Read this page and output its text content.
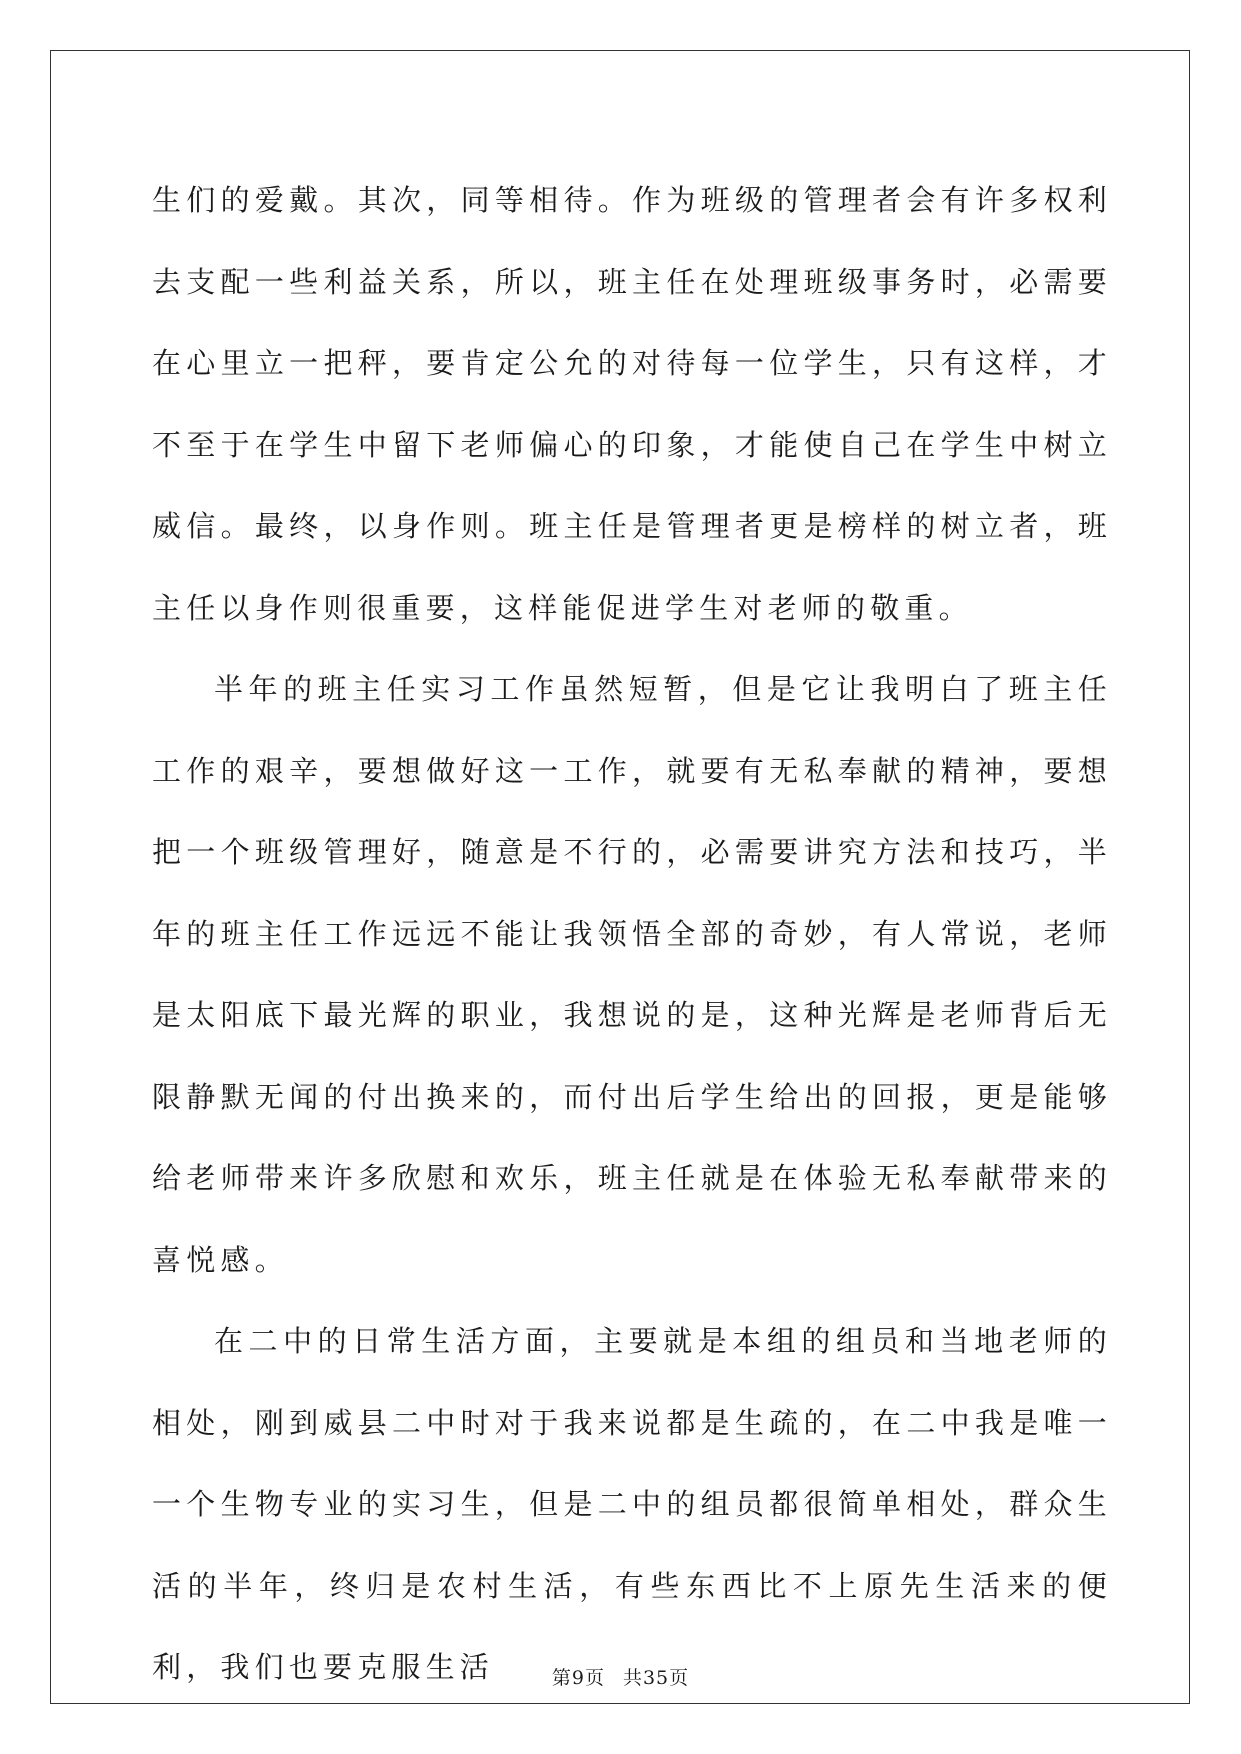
生们的爱戴。其次，同等相待。作为班级的管理者会有许多权利去支配一些利益关系，所以，班主任在处理班级事务时，必需要在心里立一把秤，要肯定公允的对待每一位学生，只有这样，才不至于在学生中留下老师偏心的印象，才能使自己在学生中树立威信。最终，以身作则。班主任是管理者更是榜样的树立者，班主任以身作则很重要，这样能促进学生对老师的敬重。

半年的班主任实习工作虽然短暂，但是它让我明白了班主任工作的艰辛，要想做好这一工作，就要有无私奉献的精神，要想把一个班级管理好，随意是不行的，必需要讲究方法和技巧，半年的班主任工作远远不能让我领悟全部的奇妙，有人常说，老师是太阳底下最光辉的职业，我想说的是，这种光辉是老师背后无限静默无闻的付出换来的，而付出后学生给出的回报，更是能够给老师带来许多欣慰和欢乐，班主任就是在体验无私奉献带来的喜悦感。

在二中的日常生活方面，主要就是本组的组员和当地老师的相处，刚到威县二中时对于我来说都是生疏的，在二中我是唯一一个生物专业的实习生，但是二中的组员都很简单相处，群众生活的半年，终归是农村生活，有些东西比不上原先生活来的便利，我们也要克服生活	第9页 共35页
